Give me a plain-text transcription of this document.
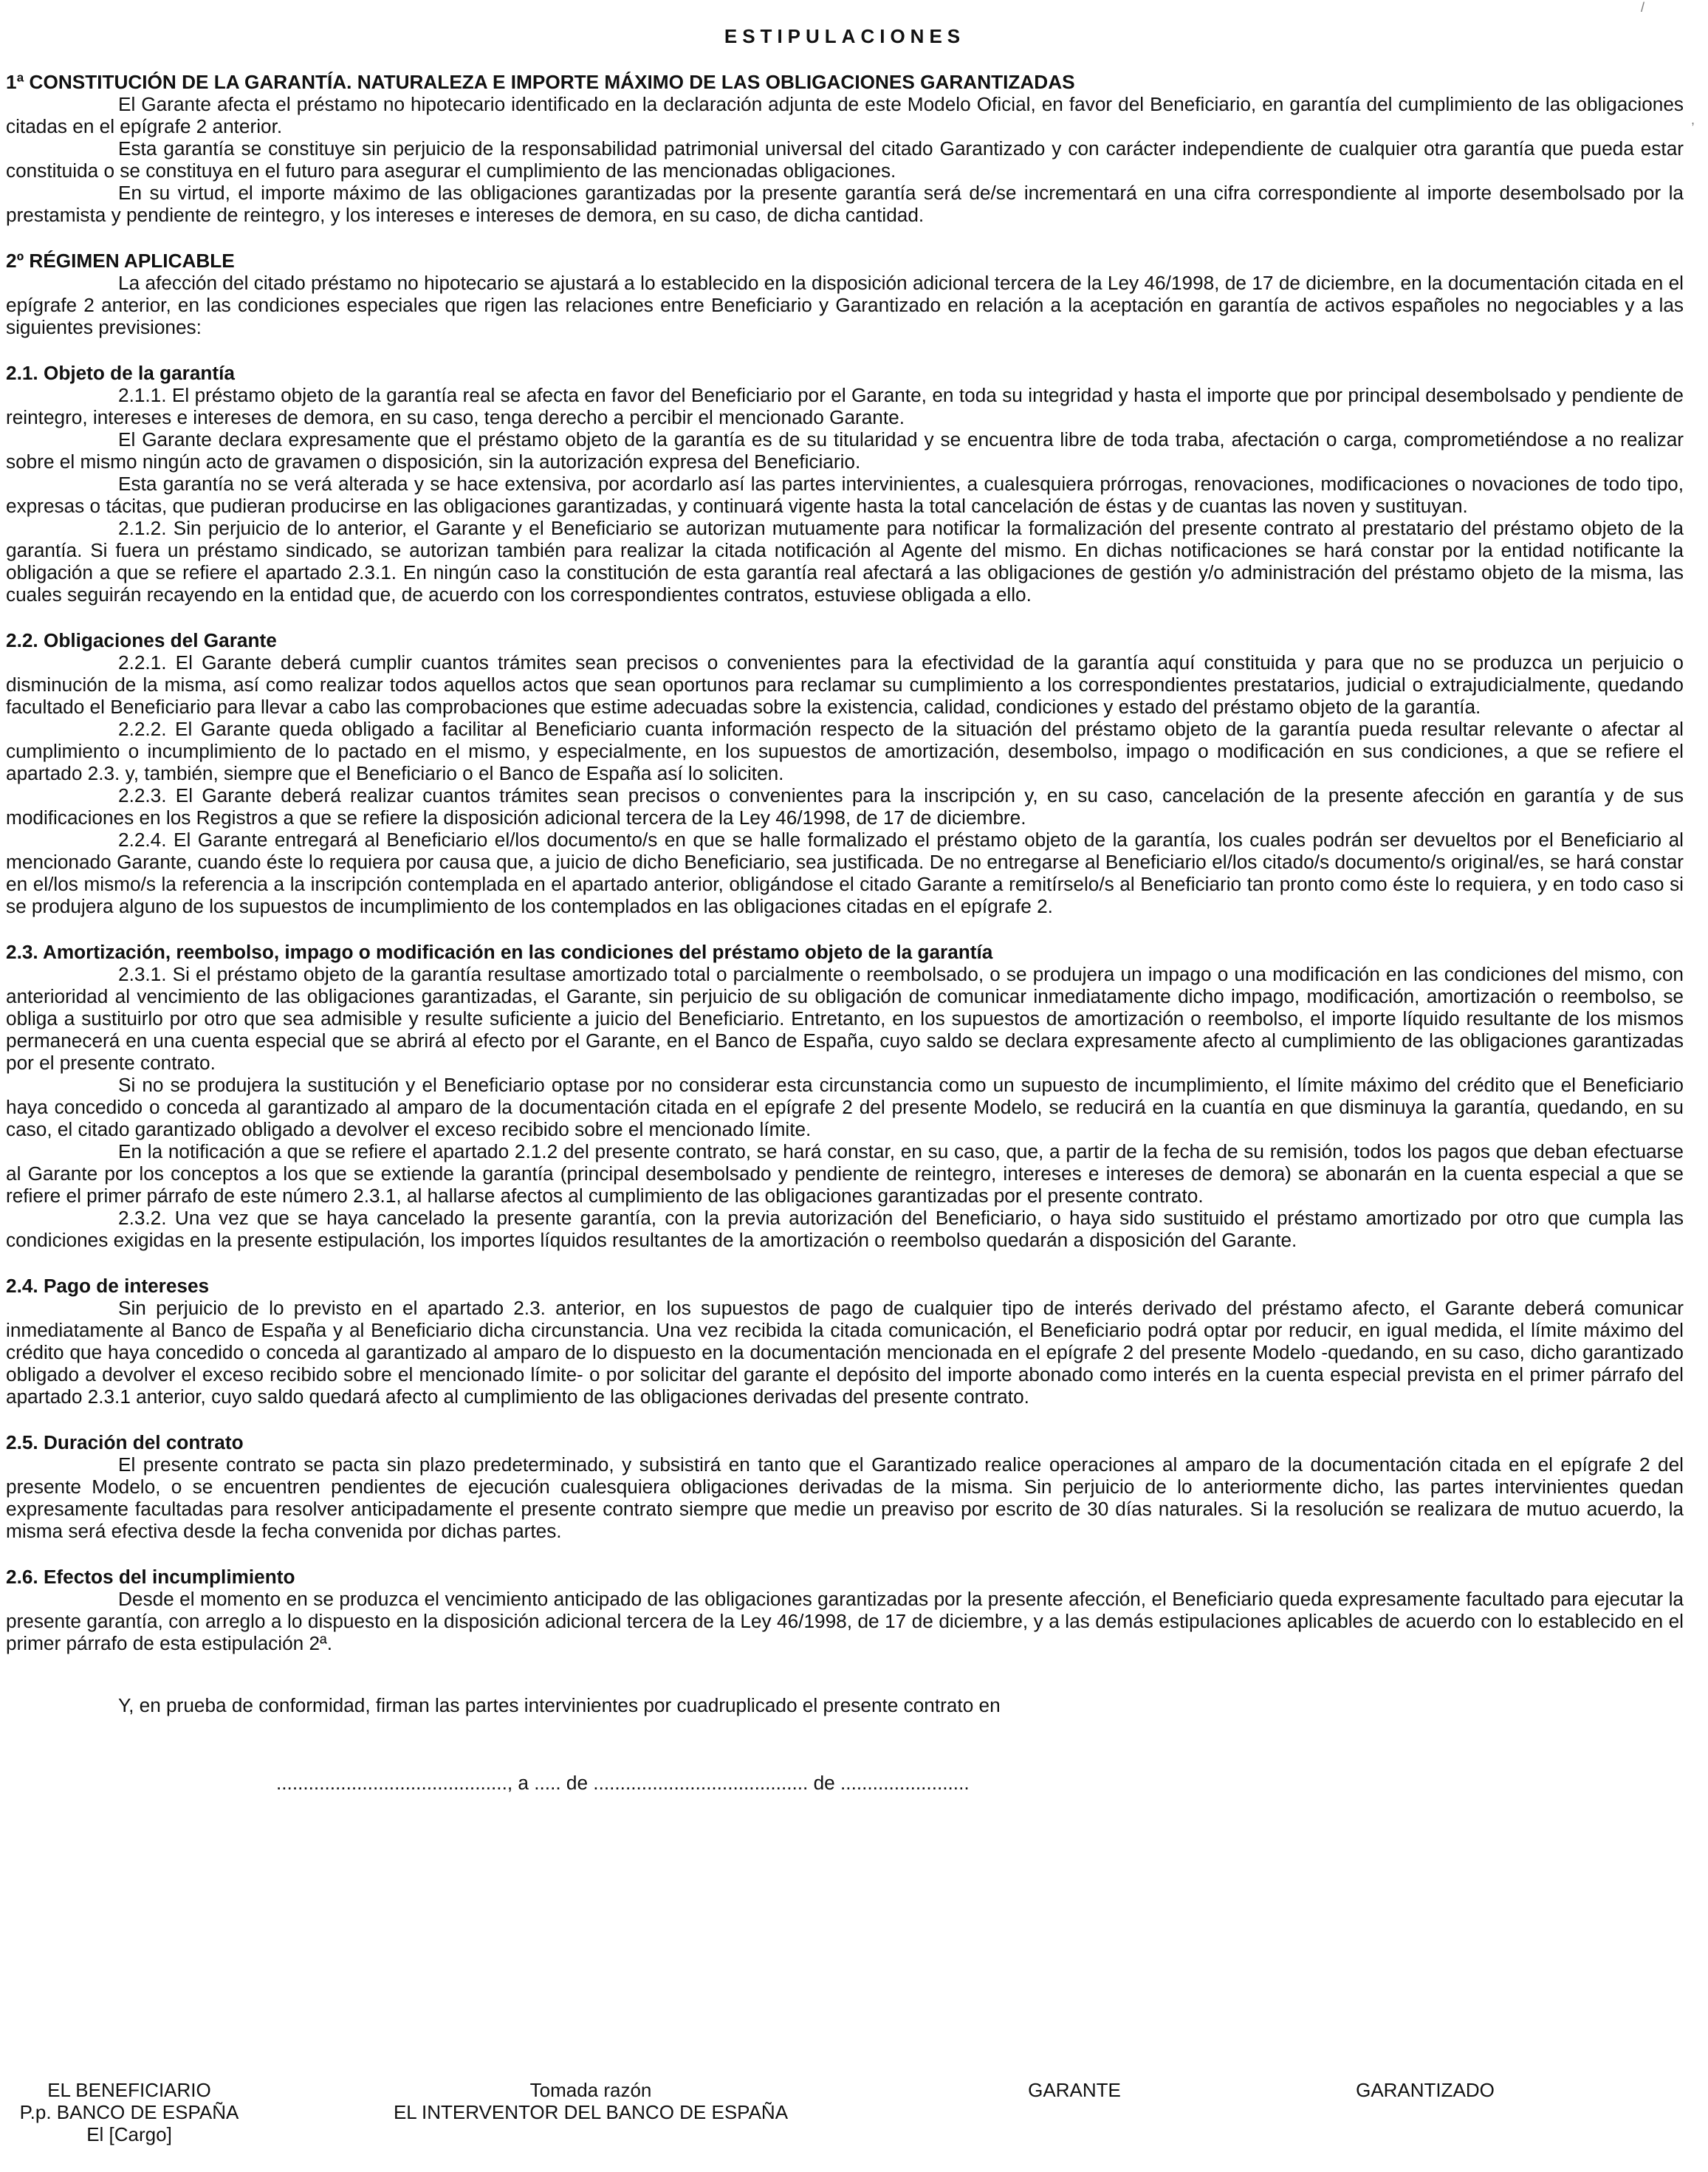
ESTIPULACIONES
1ª CONSTITUCIÓN DE LA GARANTÍA. NATURALEZA E IMPORTE MÁXIMO DE LAS OBLIGACIONES GARANTIZADAS

El Garante afecta el préstamo no hipotecario identificado en la declaración adjunta de este Modelo Oficial, en favor del Beneficiario, en garantía del cumplimiento de las obligaciones citadas en el epígrafe 2 anterior.

Esta garantía se constituye sin perjuicio de la responsabilidad patrimonial universal del citado Garantizado y con carácter independiente de cualquier otra garantía que pueda estar constituida o se constituya en el futuro para asegurar el cumplimiento de las mencionadas obligaciones.

En su virtud, el importe máximo de las obligaciones garantizadas por la presente garantía será de/se incrementará en una cifra correspondiente al importe desembolsado por la prestamista y pendiente de reintegro, y los intereses e intereses de demora, en su caso, de dicha cantidad.

2º RÉGIMEN APLICABLE

La afección del citado préstamo no hipotecario se ajustará a lo establecido en la disposición adicional tercera de la Ley 46/1998, de 17 de diciembre, en la documentación citada en el epígrafe 2 anterior, en las condiciones especiales que rigen las relaciones entre Beneficiario y Garantizado en relación a la aceptación en garantía de activos españoles no negociables y a las siguientes previsiones:

2.1. Objeto de la garantía

2.1.1. El préstamo objeto de la garantía real se afecta en favor del Beneficiario por el Garante, en toda su integridad y hasta el importe que por principal desembolsado y pendiente de reintegro, intereses e intereses de demora, en su caso, tenga derecho a percibir el mencionado Garante.

El Garante declara expresamente que el préstamo objeto de la garantía es de su titularidad y se encuentra libre de toda traba, afectación o carga, comprometiéndose a no realizar sobre el mismo ningún acto de gravamen o disposición, sin la autorización expresa del Beneficiario.

Esta garantía no se verá alterada y se hace extensiva, por acordarlo así las partes intervinientes, a cualesquiera prórrogas, renovaciones, modificaciones o novaciones de todo tipo, expresas o tácitas, que pudieran producirse en las obligaciones garantizadas, y continuará vigente hasta la total cancelación de éstas y de cuantas las noven y sustituyan.

2.1.2. Sin perjuicio de lo anterior, el Garante y el Beneficiario se autorizan mutuamente para notificar la formalización del presente contrato al prestatario del préstamo objeto de la garantía. Si fuera un préstamo sindicado, se autorizan también para realizar la citada notificación al Agente del mismo. En dichas notificaciones se hará constar por la entidad notificante la obligación a que se refiere el apartado 2.3.1. En ningún caso la constitución de esta garantía real afectará a las obligaciones de gestión y/o administración del préstamo objeto de la misma, las cuales seguirán recayendo en la entidad que, de acuerdo con los correspondientes contratos, estuviese obligada a ello.

2.2. Obligaciones del Garante

2.2.1. El Garante deberá cumplir cuantos trámites sean precisos o convenientes para la efectividad de la garantía aquí constituida y para que no se produzca un perjuicio o disminución de la misma, así como realizar todos aquellos actos que sean oportunos para reclamar su cumplimiento a los correspondientes prestatarios, judicial o extrajudicialmente, quedando facultado el Beneficiario para llevar a cabo las comprobaciones que estime adecuadas sobre la existencia, calidad, condiciones y estado del préstamo objeto de la garantía.

2.2.2. El Garante queda obligado a facilitar al Beneficiario cuanta información respecto de la situación del préstamo objeto de la garantía pueda resultar relevante o afectar al cumplimiento o incumplimiento de lo pactado en el mismo, y especialmente, en los supuestos de amortización, desembolso, impago o modificación en sus condiciones, a que se refiere el apartado 2.3. y, también, siempre que el Beneficiario o el Banco de España así lo soliciten.

2.2.3. El Garante deberá realizar cuantos trámites sean precisos o convenientes para la inscripción y, en su caso, cancelación de la presente afección en garantía y de sus modificaciones en los Registros a que se refiere la disposición adicional tercera de la Ley 46/1998, de 17 de diciembre.

2.2.4. El Garante entregará al Beneficiario el/los documento/s en que se halle formalizado el préstamo objeto de la garantía, los cuales podrán ser devueltos por el Beneficiario al mencionado Garante, cuando éste lo requiera por causa que, a juicio de dicho Beneficiario, sea justificada. De no entregarse al Beneficiario el/los citado/s documento/s original/es, se hará constar en el/los mismo/s la referencia a la inscripción contemplada en el apartado anterior, obligándose el citado Garante a remitírselo/s al Beneficiario tan pronto como éste lo requiera, y en todo caso si se produjera alguno de los supuestos de incumplimiento de los contemplados en las obligaciones citadas en el epígrafe 2.

2.3. Amortización, reembolso, impago o modificación en las condiciones del préstamo objeto de la garantía

2.3.1. Si el préstamo objeto de la garantía resultase amortizado total o parcialmente o reembolsado, o se produjera un impago o una modificación en las condiciones del mismo, con anterioridad al vencimiento de las obligaciones garantizadas, el Garante, sin perjuicio de su obligación de comunicar inmediatamente dicho impago, modificación, amortización o reembolso, se obliga a sustituirlo por otro que sea admisible y resulte suficiente a juicio del Beneficiario. Entretanto, en los supuestos de amortización o reembolso, el importe líquido resultante de los mismos permanecerá en una cuenta especial que se abrirá al efecto por el Garante, en el Banco de España, cuyo saldo se declara expresamente afecto al cumplimiento de las obligaciones garantizadas por el presente contrato.

Si no se produjera la sustitución y el Beneficiario optase por no considerar esta circunstancia como un supuesto de incumplimiento, el límite máximo del crédito que el Beneficiario haya concedido o conceda al garantizado al amparo de la documentación citada en el epígrafe 2 del presente Modelo, se reducirá en la cuantía en que disminuya la garantía, quedando, en su caso, el citado garantizado obligado a devolver el exceso recibido sobre el mencionado límite.

En la notificación a que se refiere el apartado 2.1.2 del presente contrato, se hará constar, en su caso, que, a partir de la fecha de su remisión, todos los pagos que deban efectuarse al Garante por los conceptos a los que se extiende la garantía (principal desembolsado y pendiente de reintegro, intereses e intereses de demora) se abonarán en la cuenta especial a que se refiere el primer párrafo de este número 2.3.1, al hallarse afectos al cumplimiento de las obligaciones garantizadas por el presente contrato.

2.3.2. Una vez que se haya cancelado la presente garantía, con la previa autorización del Beneficiario, o haya sido sustituido el préstamo amortizado por otro que cumpla las condiciones exigidas en la presente estipulación, los importes líquidos resultantes de la amortización o reembolso quedarán a disposición del Garante.

2.4. Pago de intereses

Sin perjuicio de lo previsto en el apartado 2.3. anterior, en los supuestos de pago de cualquier tipo de interés derivado del préstamo afecto, el Garante deberá comunicar inmediatamente al Banco de España y al Beneficiario dicha circunstancia. Una vez recibida la citada comunicación, el Beneficiario podrá optar por reducir, en igual medida, el límite máximo del crédito que haya concedido o conceda al garantizado al amparo de lo dispuesto en la documentación mencionada en el epígrafe 2 del presente Modelo -quedando, en su caso, dicho garantizado obligado a devolver el exceso recibido sobre el mencionado límite- o por solicitar del garante el depósito del importe abonado como interés en la cuenta especial prevista en el primer párrafo del apartado 2.3.1 anterior, cuyo saldo quedará afecto al cumplimiento de las obligaciones derivadas del presente contrato.

2.5. Duración del contrato

El presente contrato se pacta sin plazo predeterminado, y subsistirá en tanto que el Garantizado realice operaciones al amparo de la documentación citada en el epígrafe 2 del presente Modelo, o se encuentren pendientes de ejecución cualesquiera obligaciones derivadas de la misma. Sin perjuicio de lo anteriormente dicho, las partes intervinientes quedan expresamente facultadas para resolver anticipadamente el presente contrato siempre que medie un preaviso por escrito de 30 días naturales. Si la resolución se realizara de mutuo acuerdo, la misma será efectiva desde la fecha convenida por dichas partes.

2.6. Efectos del incumplimiento

Desde el momento en se produzca el vencimiento anticipado de las obligaciones garantizadas por la presente afección, el Beneficiario queda expresamente facultado para ejecutar la presente garantía, con arreglo a lo dispuesto en la disposición adicional tercera de la Ley 46/1998, de 17 de diciembre, y a las demás estipulaciones aplicables de acuerdo con lo establecido en el primer párrafo de esta estipulación 2ª.

Y, en prueba de conformidad, firman las partes intervinientes por cuadruplicado el presente contrato en
..........................................., a ..... de ........................................ de ........................
EL BENEFICIARIO
P.p. BANCO DE ESPAÑA
El [Cargo]
Tomada razón
EL INTERVENTOR DEL BANCO DE ESPAÑA
GARANTE	GARANTIZADO
/
,
